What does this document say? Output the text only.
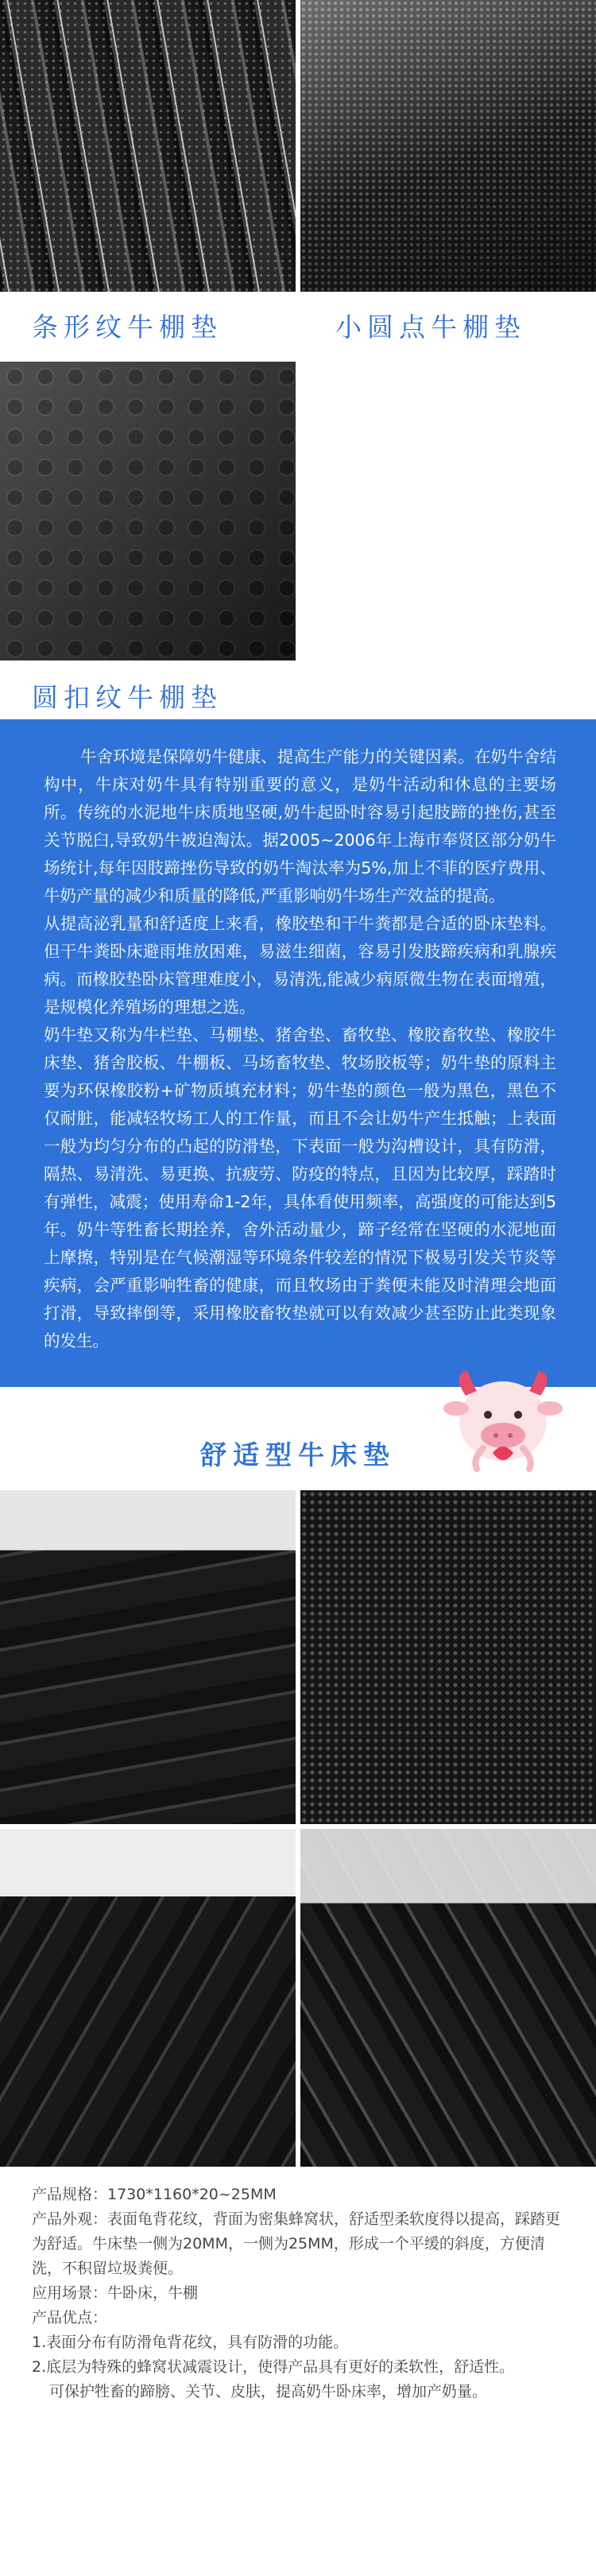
条形纹牛棚垫	小圆点牛棚垫
圆扣纹牛棚垫

牛舍环境是保障奶牛健康、提高生产能力的关键因素。在奶牛舍结构中，牛床对奶牛具有特别重要的意义，是奶牛活动和休息的主要场所。传统的水泥地牛床质地坚硬,奶牛起卧时容易引起肢蹄的挫伤,甚至关节脱臼,导致奶牛被迫淘汰。据2005~2006年上海市奉贤区部分奶牛场统计,每年因肢蹄挫伤导致的奶牛淘汰率为5%,加上不菲的医疗费用、牛奶产量的减少和质量的降低,严重影响奶牛场生产效益的提高。

从提高泌乳量和舒适度上来看，橡胶垫和干牛粪都是合适的卧床垫料。但干牛粪卧床避雨堆放困难，易滋生细菌，容易引发肢蹄疾病和乳腺疾病。而橡胶垫卧床管理难度小，易清洗,能减少病原微生物在表面增殖，是规模化养殖场的理想之选。

奶牛垫又称为牛栏垫、马棚垫、猪舍垫、畜牧垫、橡胶畜牧垫、橡胶牛床垫、猪舍胶板、牛棚板、马场畜牧垫、牧场胶板等；奶牛垫的原料主要为环保橡胶粉+矿物质填充材料；奶牛垫的颜色一般为黑色，黑色不仅耐脏，能减轻牧场工人的工作量，而且不会让奶牛产生抵触；上表面一般为均匀分布的凸起的防滑垫，下表面一般为沟槽设计，具有防滑，隔热、易清洗、易更换、抗疲劳、防疫的特点，且因为比较厚，踩踏时有弹性，减震；使用寿命1-2年，具体看使用频率，高强度的可能达到5年。奶牛等牲畜长期拴养，舍外活动量少，蹄子经常在坚硬的水泥地面上摩擦，特别是在气候潮湿等环境条件较差的情况下极易引发关节炎等疾病，会严重影响牲畜的健康，而且牧场由于粪便未能及时清理会地面打滑，导致摔倒等，采用橡胶畜牧垫就可以有效减少甚至防止此类现象的发生。

舒适型牛床垫

产品规格：1730*1160*20~25MM

产品外观：表面龟背花纹，背面为密集蜂窝状，舒适型柔软度得以提高，踩踏更为舒适。牛床垫一侧为20MM，一侧为25MM，形成一个平缓的斜度，方便清洗，不积留垃圾粪便。

应用场景：牛卧床，牛棚

产品优点：

1.表面分布有防滑龟背花纹，具有防滑的功能。

2.底层为特殊的蜂窝状减震设计，使得产品具有更好的柔软性，舒适性。

可保护牲畜的蹄膀、关节、皮肤，提高奶牛卧床率，增加产奶量。
